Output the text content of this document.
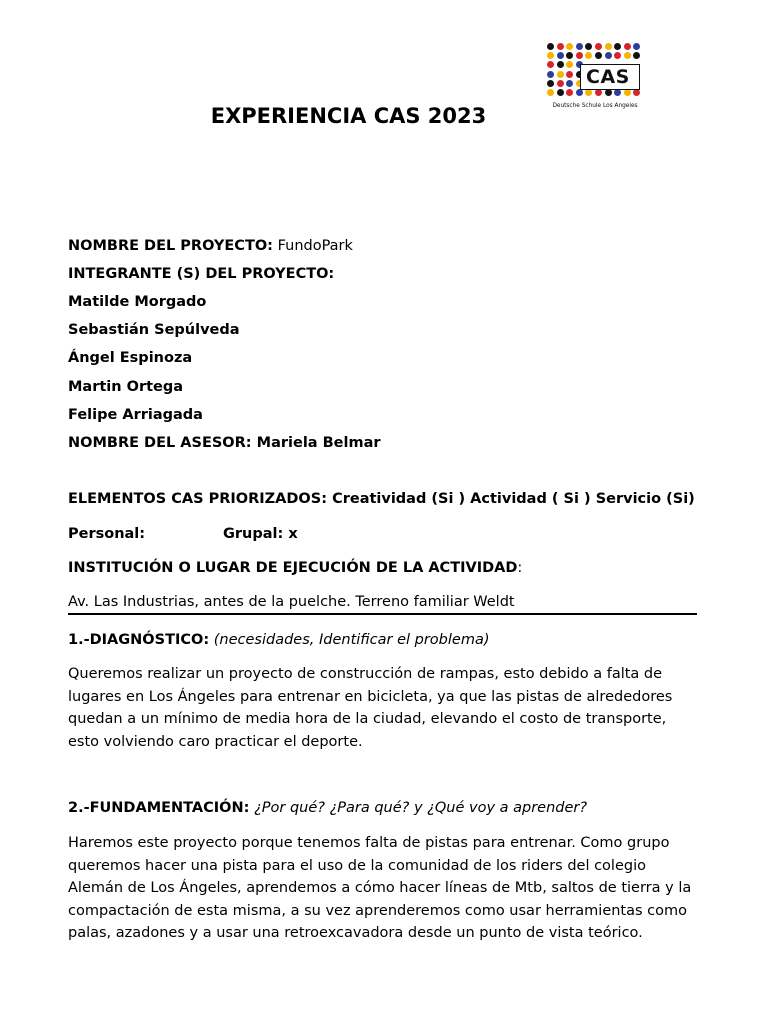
CAS
Deutsche Schule Los Angeles
EXPERIENCIA CAS 2023
NOMBRE DEL PROYECTO: FundoPark
INTEGRANTE (S) DEL PROYECTO:
Matilde Morgado
Sebastián Sepúlveda
Ángel Espinoza
Martin Ortega
Felipe Arriagada
NOMBRE DEL ASESOR: Mariela Belmar
ELEMENTOS CAS PRIORIZADOS: Creatividad (Si ) Actividad ( Si ) Servicio (Si)
Personal:	Grupal: x
INSTITUCIÓN O LUGAR DE EJECUCIÓN DE LA ACTIVIDAD:
Av. Las Industrias, antes de la puelche. Terreno familiar Weldt
1.-DIAGNÓSTICO: (necesidades, Identificar el problema)
Queremos realizar un proyecto de construcción de rampas, esto debido a falta de lugares en Los Ángeles para entrenar en bicicleta, ya que las pistas de alrededores quedan a un mínimo de media hora de la ciudad, elevando el costo de transporte, esto volviendo caro practicar el deporte.
2.-FUNDAMENTACIÓN: ¿Por qué? ¿Para qué? y ¿Qué voy a aprender?
Haremos este proyecto porque tenemos falta de pistas para entrenar. Como grupo queremos hacer una pista para el uso de la comunidad de los riders del colegio Alemán de Los Ángeles, aprendemos a cómo hacer líneas de Mtb, saltos de tierra y la compactación de esta misma, a su vez aprenderemos como usar herramientas como palas, azadones y a usar una retroexcavadora desde un punto de vista teórico.
